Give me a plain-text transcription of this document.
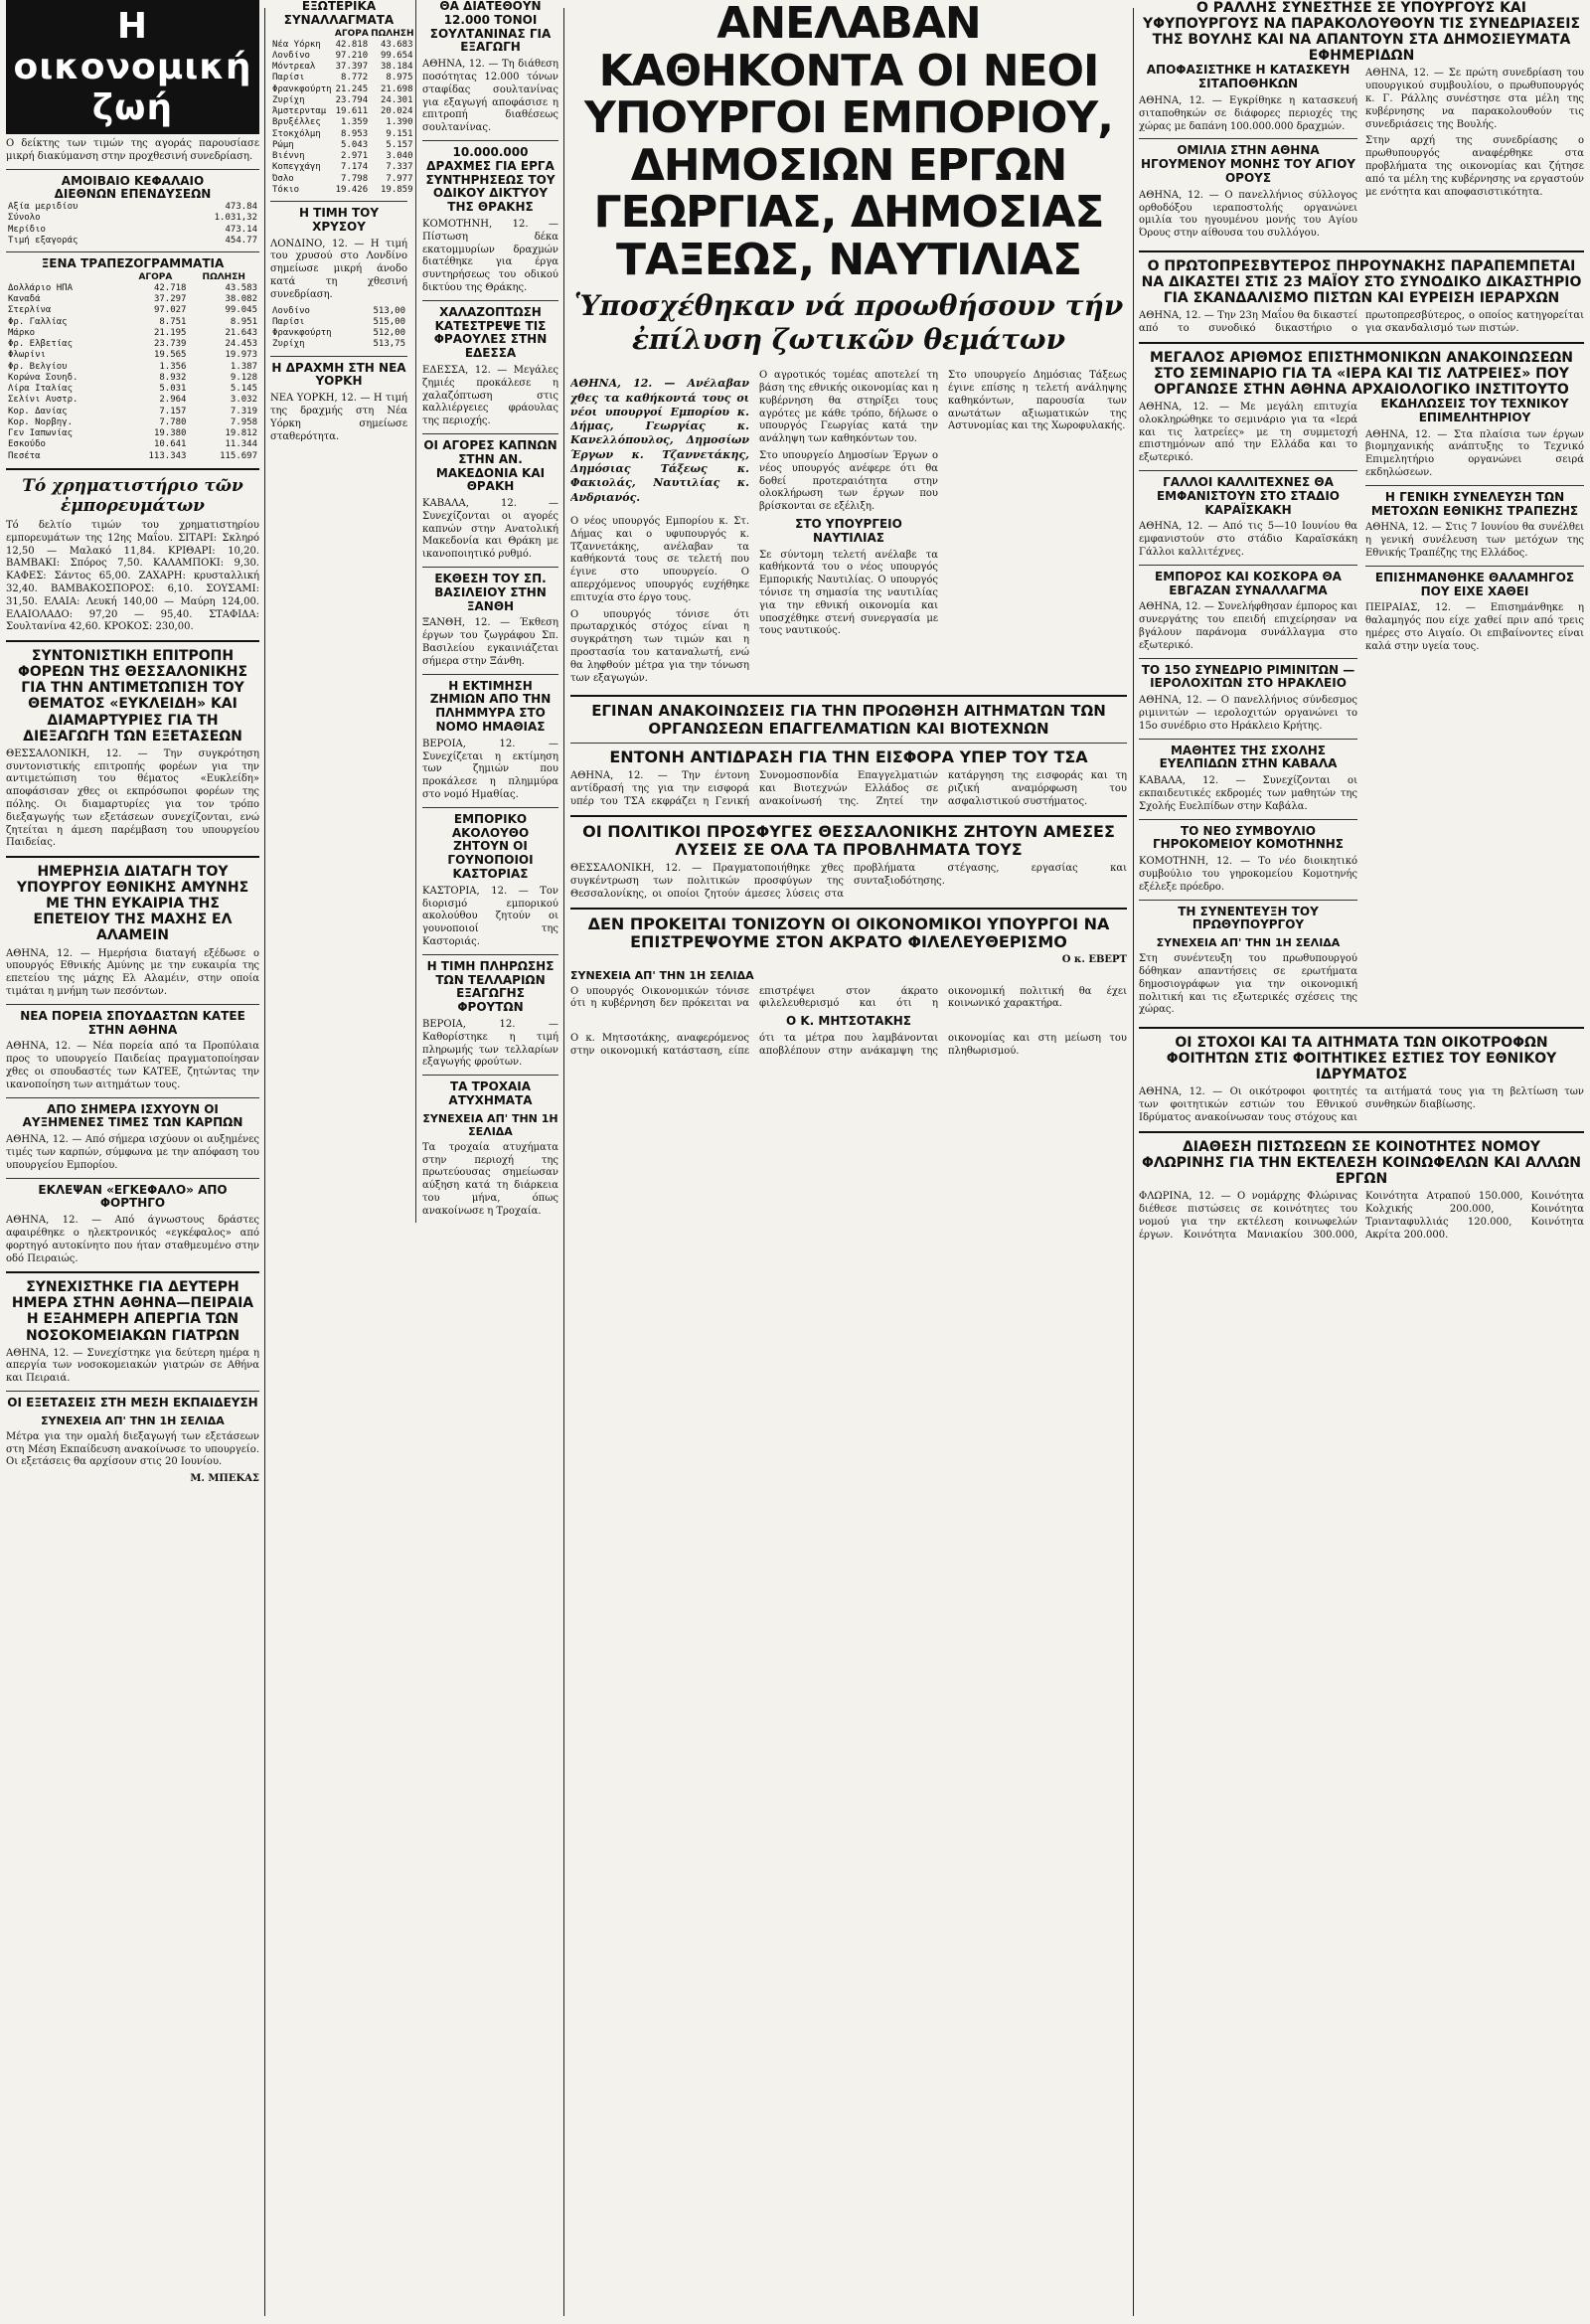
Η οικονομική ζωή

Ο δείκτης των τιμών της αγοράς παρουσίασε μικρή διακύμανση στην προχθεσινή συνεδρίαση.

ΑΜΟΙΒΑΙΟ ΚΕΦΑΛΑΙΟ
ΔΙΕΘΝΩΝ ΕΠΕΝΔΥΣΕΩΝ
Αξία μεριδίου	473.84
Σύνολο	1.031,32
Μερίδιο	473.14
Τιμή εξαγοράς	454.77
ΞΕΝΑ ΤΡΑΠΕΖΟΓΡΑΜΜΑΤΙΑ
	ΑΓΟΡΑ	ΠΩΛΗΣΗ
Δολλάριο ΗΠΑ	42.718	43.583
Καναδά	37.297	38.082
Στερλίνα	97.027	99.045
Φρ. Γαλλίας	8.751	8.951
Μάρκο	21.195	21.643
Φρ. Ελβετίας	23.739	24.453
Φλωρίνι	19.565	19.973
Φρ. Βελγίου	1.356	1.387
Κορώνα Σουηδ.	8.932	9.128
Λίρα Ιταλίας	5.031	5.145
Σελίνι Αυστρ.	2.964	3.032
Κορ. Δανίας	7.157	7.319
Κορ. Νορβηγ.	7.780	7.958
Γεν Ιαπωνίας	19.380	19.812
Εσκούδο	10.641	11.344
Πεσέτα	113.343	115.697
Τό χρηματιστήριο τῶν ἐμπορευμάτων

Τό δελτίο τιμών του χρηματιστηρίου εμπορευμάτων της 12ης Μαΐου. ΣΙΤΑΡΙ: Σκληρό 12,50 — Μαλακό 11,84. ΚΡΙΘΑΡΙ: 10,20. ΒΑΜΒΑΚΙ: Σπόρος 7,50. ΚΑΛΑΜΠΟΚΙ: 9,30. ΚΑΦΕΣ: Σάντος 65,00. ΖΑΧΑΡΗ: κρυσταλλική 32,40. ΒΑΜΒΑΚΟΣΠΟΡΟΣ: 6,10. ΣΟΥΣΑΜΙ: 31,50. ΕΛΑΙΑ: Λευκή 140,00 — Μαύρη 124,00. ΕΛΑΙΟΛΑΔΟ: 97,20 — 95,40. ΣΤΑΦΙΔΑ: Σουλτανίνα 42,60. ΚΡΟΚΟΣ: 230,00.

ΣΥΝΤΟΝΙΣΤΙΚΗ ΕΠΙΤΡΟΠΗ ΦΟΡΕΩΝ ΤΗΣ ΘΕΣΣΑΛΟΝΙΚΗΣ ΓΙΑ ΤΗΝ ΑΝΤΙΜΕΤΩΠΙΣΗ ΤΟΥ ΘΕΜΑΤΟΣ «ΕΥΚΛΕΙΔΗ» ΚΑΙ ΔΙΑΜΑΡΤΥΡΙΕΣ ΓΙΑ ΤΗ ΔΙΕΞΑΓΩΓΗ ΤΩΝ ΕΞΕΤΑΣΕΩΝ

ΘΕΣΣΑΛΟΝΙΚΗ, 12. — Την συγκρότηση συντονιστικής επιτροπής φορέων για την αντιμετώπιση του θέματος «Ευκλείδη» αποφάσισαν χθες οι εκπρόσωποι φορέων της πόλης. Οι διαμαρτυρίες για τον τρόπο διεξαγωγής των εξετάσεων συνεχίζονται, ενώ ζητείται η άμεση παρέμβαση του υπουργείου Παιδείας.

ΗΜΕΡΗΣΙΑ ΔΙΑΤΑΓΗ ΤΟΥ ΥΠΟΥΡΓΟΥ ΕΘΝΙΚΗΣ ΑΜΥΝΗΣ ΜΕ ΤΗΝ ΕΥΚΑΙΡΙΑ ΤΗΣ ΕΠΕΤΕΙΟΥ ΤΗΣ ΜΑΧΗΣ ΕΛ ΑΛΑΜΕΙΝ

ΑΘΗΝΑ, 12. — Ημερήσια διαταγή εξέδωσε ο υπουργός Εθνικής Αμύνης με την ευκαιρία της επετείου της μάχης Ελ Αλαμέιν, στην οποία τιμάται η μνήμη των πεσόντων.

ΝΕΑ ΠΟΡΕΙΑ ΣΠΟΥΔΑΣΤΩΝ ΚΑΤΕΕ ΣΤΗΝ ΑΘΗΝΑ

ΑΘΗΝΑ, 12. — Νέα πορεία από τα Προπύλαια προς το υπουργείο Παιδείας πραγματοποίησαν χθες οι σπουδαστές των ΚΑΤΕΕ, ζητώντας την ικανοποίηση των αιτημάτων τους.

ΑΠΟ ΣΗΜΕΡΑ ΙΣΧΥΟΥΝ ΟΙ ΑΥΞΗΜΕΝΕΣ ΤΙΜΕΣ ΤΩΝ ΚΑΡΠΩΝ

ΑΘΗΝΑ, 12. — Από σήμερα ισχύουν οι αυξημένες τιμές των καρπών, σύμφωνα με την απόφαση του υπουργείου Εμπορίου.

ΕΚΛΕΨΑΝ «ΕΓΚΕΦΑΛΟ» ΑΠΟ ΦΟΡΤΗΓΟ

ΑΘΗΝΑ, 12. — Από άγνωστους δράστες αφαιρέθηκε ο ηλεκτρονικός «εγκέφαλος» από φορτηγό αυτοκίνητο που ήταν σταθμευμένο στην οδό Πειραιώς.

ΣΥΝΕΧΙΣΤΗΚΕ ΓΙΑ ΔΕΥΤΕΡΗ ΗΜΕΡΑ ΣΤΗΝ ΑΘΗΝΑ—ΠΕΙΡΑΙΑ Η ΕΞΑΗΜΕΡΗ ΑΠΕΡΓΙΑ ΤΩΝ ΝΟΣΟΚΟΜΕΙΑΚΩΝ ΓΙΑΤΡΩΝ

ΑΘΗΝΑ, 12. — Συνεχίστηκε για δεύτερη ημέρα η απεργία των νοσοκομειακών γιατρών σε Αθήνα και Πειραιά.

ΟΙ ΕΞΕΤΑΣΕΙΣ ΣΤΗ ΜΕΣΗ ΕΚΠΑΙΔΕΥΣΗ
ΣΥΝΕΧΕΙΑ ΑΠ' ΤΗΝ 1Η ΣΕΛΙΔΑ

Μέτρα για την ομαλή διεξαγωγή των εξετάσεων στη Μέση Εκπαίδευση ανακοίνωσε το υπουργείο. Οι εξετάσεις θα αρχίσουν στις 20 Ιουνίου.

Μ. ΜΠΕΚΑΣ
ΕΞΩΤΕΡΙΚΑ ΣΥΝΑΛΛΑΓΜΑΤΑ
	ΑΓΟΡΑ	ΠΩΛΗΣΗ
Νέα Υόρκη	42.818	43.683
Λονδίνο	97.210	99.654
Μόντρεαλ	37.397	38.184
Παρίσι	8.772	8.975
Φρανκφούρτη	21.245	21.698
Ζυρίχη	23.794	24.301
Άμστερνταμ	19.611	20.024
Βρυξέλλες	1.359	1.390
Στοκχόλμη	8.953	9.151
Ρώμη	5.043	5.157
Βιέννη	2.971	3.040
Κοπεγχάγη	7.174	7.337
Όσλο	7.798	7.977
Τόκιο	19.426	19.859
Η ΤΙΜΗ ΤΟΥ ΧΡΥΣΟΥ

ΛΟΝΔΙΝΟ, 12. — Η τιμή του χρυσού στο Λονδίνο σημείωσε μικρή άνοδο κατά τη χθεσινή συνεδρίαση.

Λονδίνο	513,00
Παρίσι	515,00
Φρανκφούρτη	512,00
Ζυρίχη	513,75
Η ΔΡΑΧΜΗ ΣΤΗ ΝΕΑ ΥΟΡΚΗ

ΝΕΑ ΥΟΡΚΗ, 12. — Η τιμή της δραχμής στη Νέα Υόρκη σημείωσε σταθερότητα.

ΘΑ ΔΙΑΤΕΘΟΥΝ 12.000 ΤΟΝΟΙ ΣΟΥΛΤΑΝΙΝΑΣ ΓΙΑ ΕΞΑΓΩΓΗ

ΑΘΗΝΑ, 12. — Τη διάθεση ποσότητας 12.000 τόνων σταφίδας σουλτανίνας για εξαγωγή αποφάσισε η επιτροπή διαθέσεως σουλτανίνας.

10.000.000 ΔΡΑΧΜΕΣ ΓΙΑ ΕΡΓΑ ΣΥΝΤΗΡΗΣΕΩΣ ΤΟΥ ΟΔΙΚΟΥ ΔΙΚΤΥΟΥ ΤΗΣ ΘΡΑΚΗΣ

ΚΟΜΟΤΗΝΗ, 12. — Πίστωση δέκα εκατομμυρίων δραχμών διατέθηκε για έργα συντηρήσεως του οδικού δικτύου της Θράκης.

ΧΑΛΑΖΟΠΤΩΣΗ ΚΑΤΕΣΤΡΕΨΕ ΤΙΣ ΦΡΑΟΥΛΕΣ ΣΤΗΝ ΕΔΕΣΣΑ

ΕΔΕΣΣΑ, 12. — Μεγάλες ζημιές προκάλεσε η χαλαζόπτωση στις καλλιέργειες φράουλας της περιοχής.

ΟΙ ΑΓΟΡΕΣ ΚΑΠΝΩΝ ΣΤΗΝ ΑΝ. ΜΑΚΕΔΟΝΙΑ ΚΑΙ ΘΡΑΚΗ

ΚΑΒΑΛΑ, 12. — Συνεχίζονται οι αγορές καπνών στην Ανατολική Μακεδονία και Θράκη με ικανοποιητικό ρυθμό.

ΕΚΘΕΣΗ ΤΟΥ ΣΠ. ΒΑΣΙΛΕΙΟΥ ΣΤΗΝ ΞΑΝΘΗ

ΞΑΝΘΗ, 12. — Έκθεση έργων του ζωγράφου Σπ. Βασιλείου εγκαινιάζεται σήμερα στην Ξάνθη.

Η ΕΚΤΙΜΗΣΗ ΖΗΜΙΩΝ ΑΠΟ ΤΗΝ ΠΛΗΜΜΥΡΑ ΣΤΟ ΝΟΜΟ ΗΜΑΘΙΑΣ

ΒΕΡΟΙΑ, 12. — Συνεχίζεται η εκτίμηση των ζημιών που προκάλεσε η πλημμύρα στο νομό Ημαθίας.

ΕΜΠΟΡΙΚΟ ΑΚΟΛΟΥΘΟ ΖΗΤΟΥΝ ΟΙ ΓΟΥΝΟΠΟΙΟΙ ΚΑΣΤΟΡΙΑΣ

ΚΑΣΤΟΡΙΑ, 12. — Τον διορισμό εμπορικού ακολούθου ζητούν οι γουνοποιοί της Καστοριάς.

Η ΤΙΜΗ ΠΛΗΡΩΣΗΣ ΤΩΝ ΤΕΛΛΑΡΙΩΝ ΕΞΑΓΩΓΗΣ ΦΡΟΥΤΩΝ

ΒΕΡΟΙΑ, 12. — Καθορίστηκε η τιμή πληρωμής των τελλαρίων εξαγωγής φρούτων.

ΤΑ ΤΡΟΧΑΙΑ ΑΤΥΧΗΜΑΤΑ
ΣΥΝΕΧΕΙΑ ΑΠ' ΤΗΝ 1Η ΣΕΛΙΔΑ

Τα τροχαία ατυχήματα στην περιοχή της πρωτεύουσας σημείωσαν αύξηση κατά τη διάρκεια του μήνα, όπως ανακοίνωσε η Τροχαία.

ΑΝΕΛΑΒΑΝ ΚΑΘΗΚΟΝΤΑ ΟΙ ΝΕΟΙ ΥΠΟΥΡΓΟΙ ΕΜΠΟΡΙΟΥ, ΔΗΜΟΣΙΩΝ ΕΡΓΩΝ ΓΕΩΡΓΙΑΣ, ΔΗΜΟΣΙΑΣ ΤΑΞΕΩΣ, ΝΑΥΤΙΛΙΑΣ
Ὑποσχέθηκαν νά προωθήσουν τήν ἐπίλυση ζωτικῶν θεμάτων

ΑΘΗΝΑ, 12. — Ανέλαβαν χθες τα καθήκοντά τους οι νέοι υπουργοί Εμπορίου κ. Δήμας, Γεωργίας κ. Κανελλόπουλος, Δημοσίων Έργων κ. Τζαννετάκης, Δημόσιας Τάξεως κ. Φακιολάς, Ναυτιλίας κ. Ανδριανός.

Ο νέος υπουργός Εμπορίου κ. Στ. Δήμας και ο υφυπουργός κ. Τζαννετάκης, ανέλαβαν τα καθήκοντά τους σε τελετή που έγινε στο υπουργείο. Ο απερχόμενος υπουργός ευχήθηκε επιτυχία στο έργο τους.

Ο υπουργός τόνισε ότι πρωταρχικός στόχος είναι η συγκράτηση των τιμών και η προστασία του καταναλωτή, ενώ θα ληφθούν μέτρα για την τόνωση των εξαγωγών.

Ο αγροτικός τομέας αποτελεί τη βάση της εθνικής οικονομίας και η κυβέρνηση θα στηρίξει τους αγρότες με κάθε τρόπο, δήλωσε ο υπουργός Γεωργίας κατά την ανάληψη των καθηκόντων του.

Στο υπουργείο Δημοσίων Έργων ο νέος υπουργός ανέφερε ότι θα δοθεί προτεραιότητα στην ολοκλήρωση των έργων που βρίσκονται σε εξέλιξη.

ΣΤΟ ΥΠΟΥΡΓΕΙΟ ΝΑΥΤΙΛΙΑΣ

Σε σύντομη τελετή ανέλαβε τα καθήκοντά του ο νέος υπουργός Εμπορικής Ναυτιλίας. Ο υπουργός τόνισε τη σημασία της ναυτιλίας για την εθνική οικονομία και υποσχέθηκε στενή συνεργασία με τους ναυτικούς.

Στο υπουργείο Δημόσιας Τάξεως έγινε επίσης η τελετή ανάληψης καθηκόντων, παρουσία των ανωτάτων αξιωματικών της Αστυνομίας και της Χωροφυλακής.

ΕΓΙΝΑΝ ΑΝΑΚΟΙΝΩΣΕΙΣ ΓΙΑ ΤΗΝ ΠΡΟΩΘΗΣΗ ΑΙΤΗΜΑΤΩΝ ΤΩΝ ΟΡΓΑΝΩΣΕΩΝ ΕΠΑΓΓΕΛΜΑΤΙΩΝ ΚΑΙ ΒΙΟΤΕΧΝΩΝ
ΕΝΤΟΝΗ ΑΝΤΙΔΡΑΣΗ ΓΙΑ ΤΗΝ ΕΙΣΦΟΡΑ ΥΠΕΡ ΤΟΥ ΤΣΑ

ΑΘΗΝΑ, 12. — Την έντονη αντίδρασή της για την εισφορά υπέρ του ΤΣΑ εκφράζει η Γενική Συνομοσπονδία Επαγγελματιών και Βιοτεχνών Ελλάδος σε ανακοίνωσή της. Ζητεί την κατάργηση της εισφοράς και τη ριζική αναμόρφωση του ασφαλιστικού συστήματος.

ΟΙ ΠΟΛΙΤΙΚΟΙ ΠΡΟΣΦΥΓΕΣ ΘΕΣΣΑΛΟΝΙΚΗΣ ΖΗΤΟΥΝ ΑΜΕΣΕΣ ΛΥΣΕΙΣ ΣΕ ΟΛΑ ΤΑ ΠΡΟΒΛΗΜΑΤΑ ΤΟΥΣ

ΘΕΣΣΑΛΟΝΙΚΗ, 12. — Πραγματοποιήθηκε χθες συγκέντρωση των πολιτικών προσφύγων της Θεσσαλονίκης, οι οποίοι ζητούν άμεσες λύσεις στα προβλήματα στέγασης, εργασίας και συνταξιοδότησης.

ΔΕΝ ΠΡΟΚΕΙΤΑΙ ΤΟΝΙΖΟΥΝ ΟΙ ΟΙΚΟΝΟΜΙΚΟΙ ΥΠΟΥΡΓΟΙ ΝΑ ΕΠΙΣΤΡΕΨΟΥΜΕ ΣΤΟΝ ΑΚΡΑΤΟ ΦΙΛΕΛΕΥΘΕΡΙΣΜΟ
Ο κ. ΕΒΕΡΤ
ΣΥΝΕΧΕΙΑ ΑΠ' ΤΗΝ 1Η ΣΕΛΙΔΑ

Ο υπουργός Οικονομικών τόνισε ότι η κυβέρνηση δεν πρόκειται να επιστρέψει στον άκρατο φιλελευθερισμό και ότι η οικονομική πολιτική θα έχει κοινωνικό χαρακτήρα.

Ο Κ. ΜΗΤΣΟΤΑΚΗΣ

Ο κ. Μητσοτάκης, αναφερόμενος στην οικονομική κατάσταση, είπε ότι τα μέτρα που λαμβάνονται αποβλέπουν στην ανάκαμψη της οικονομίας και στη μείωση του πληθωρισμού.

Ο ΡΑΛΛΗΣ ΣΥΝΕΣΤΗΣΕ ΣΕ ΥΠΟΥΡΓΟΥΣ ΚΑΙ ΥΦΥΠΟΥΡΓΟΥΣ ΝΑ ΠΑΡΑΚΟΛΟΥΘΟΥΝ ΤΙΣ ΣΥΝΕΔΡΙΑΣΕΙΣ ΤΗΣ ΒΟΥΛΗΣ ΚΑΙ ΝΑ ΑΠΑΝΤΟΥΝ ΣΤΑ ΔΗΜΟΣΙΕΥΜΑΤΑ ΕΦΗΜΕΡΙΔΩΝ
ΑΠΟΦΑΣΙΣΤΗΚΕ Η ΚΑΤΑΣΚΕΥΗ ΣΙΤΑΠΟΘΗΚΩΝ

ΑΘΗΝΑ, 12. — Εγκρίθηκε η κατασκευή σιταποθηκών σε διάφορες περιοχές της χώρας με δαπάνη 100.000.000 δραχμών.

ΟΜΙΛΙΑ ΣΤΗΝ ΑΘΗΝΑ ΗΓΟΥΜΕΝΟΥ ΜΟΝΗΣ ΤΟΥ ΑΓΙΟΥ ΟΡΟΥΣ

ΑΘΗΝΑ, 12. — Ο πανελλήνιος σύλλογος ορθοδόξου ιεραποστολής οργανώνει ομιλία του ηγουμένου μονής του Αγίου Όρους στην αίθουσα του συλλόγου.

ΑΘΗΝΑ, 12. — Σε πρώτη συνεδρίαση του υπουργικού συμβουλίου, ο πρωθυπουργός κ. Γ. Ράλλης συνέστησε στα μέλη της κυβέρνησης να παρακολουθούν τις συνεδριάσεις της Βουλής.

Στην αρχή της συνεδρίασης ο πρωθυπουργός αναφέρθηκε στα προβλήματα της οικονομίας και ζήτησε από τα μέλη της κυβέρνησης να εργαστούν με ενότητα και αποφασιστικότητα.

Ο ΠΡΩΤΟΠΡΕΣΒΥΤΕΡΟΣ ΠΗΡΟΥΝΑΚΗΣ ΠΑΡΑΠΕΜΠΕΤΑΙ ΝΑ ΔΙΚΑΣΤΕΙ ΣΤΙΣ 23 ΜΑΪΟΥ ΣΤΟ ΣΥΝΟΔΙΚΟ ΔΙΚΑΣΤΗΡΙΟ ΓΙΑ ΣΚΑΝΔΑΛΙΣΜΟ ΠΙΣΤΩΝ ΚΑΙ ΕΥΡΕΙΣΗ ΙΕΡΑΡΧΩΝ

ΑΘΗΝΑ, 12. — Την 23η Μαΐου θα δικαστεί από το συνοδικό δικαστήριο ο πρωτοπρεσβύτερος, ο οποίος κατηγορείται για σκανδαλισμό των πιστών.

ΜΕΓΑΛΟΣ ΑΡΙΘΜΟΣ ΕΠΙΣΤΗΜΟΝΙΚΩΝ ΑΝΑΚΟΙΝΩΣΕΩΝ ΣΤΟ ΣΕΜΙΝΑΡΙΟ ΓΙΑ ΤΑ «ΙΕΡΑ ΚΑΙ ΤΙΣ ΛΑΤΡΕΙΕΣ» ΠΟΥ ΟΡΓΑΝΩΣΕ ΣΤΗΝ ΑΘΗΝΑ ΑΡΧΑΙΟΛΟΓΙΚΟ ΙΝΣΤΙΤΟΥΤΟ

ΑΘΗΝΑ, 12. — Με μεγάλη επιτυχία ολοκληρώθηκε το σεμινάριο για τα «Ιερά και τις λατρείες» με τη συμμετοχή επιστημόνων από την Ελλάδα και το εξωτερικό.

ΓΑΛΛΟΙ ΚΑΛΛΙΤΕΧΝΕΣ ΘΑ ΕΜΦΑΝΙΣΤΟΥΝ ΣΤΟ ΣΤΑΔΙΟ ΚΑΡΑΪΣΚΑΚΗ

ΑΘΗΝΑ, 12. — Από τις 5—10 Ιουνίου θα εμφανιστούν στο στάδιο Καραϊσκάκη Γάλλοι καλλιτέχνες.

ΕΜΠΟΡΟΣ ΚΑΙ ΚΟΣΚΟΡΑ ΘΑ ΕΒΓΑΖΑΝ ΣΥΝΑΛΛΑΓΜΑ

ΑΘΗΝΑ, 12. — Συνελήφθησαν έμπορος και συνεργάτης του επειδή επιχείρησαν να βγάλουν παράνομα συνάλλαγμα στο εξωτερικό.

ΤΟ 15Ο ΣΥΝΕΔΡΙΟ ΡΙΜΙΝΙΤΩΝ — ΙΕΡΟΛΟΧΙΤΩΝ ΣΤΟ ΗΡΑΚΛΕΙΟ

ΑΘΗΝΑ, 12. — Ο πανελλήνιος σύνδεσμος ριμινιτών — ιερολοχιτών οργανώνει το 15ο συνέδριο στο Ηράκλειο Κρήτης.

ΜΑΘΗΤΕΣ ΤΗΣ ΣΧΟΛΗΣ ΕΥΕΛΠΙΔΩΝ ΣΤΗΝ ΚΑΒΑΛΑ

ΚΑΒΑΛΑ, 12. — Συνεχίζονται οι εκπαιδευτικές εκδρομές των μαθητών της Σχολής Ευελπίδων στην Καβάλα.

ΤΟ ΝΕΟ ΣΥΜΒΟΥΛΙΟ ΓΗΡΟΚΟΜΕΙΟΥ ΚΟΜΟΤΗΝΗΣ

ΚΟΜΟΤΗΝΗ, 12. — Το νέο διοικητικό συμβούλιο του γηροκομείου Κομοτηνής εξέλεξε πρόεδρο.

ΤΗ ΣΥΝΕΝΤΕΥΞΗ ΤΟΥ ΠΡΩΘΥΠΟΥΡΓΟΥ
ΣΥΝΕΧΕΙΑ ΑΠ' ΤΗΝ 1Η ΣΕΛΙΔΑ

Στη συνέντευξη του πρωθυπουργού δόθηκαν απαντήσεις σε ερωτήματα δημοσιογράφων για την οικονομική πολιτική και τις εξωτερικές σχέσεις της χώρας.

ΕΚΔΗΛΩΣΕΙΣ ΤΟΥ ΤΕΧΝΙΚΟΥ ΕΠΙΜΕΛΗΤΗΡΙΟΥ

ΑΘΗΝΑ, 12. — Στα πλαίσια των έργων βιομηχανικής ανάπτυξης το Τεχνικό Επιμελητήριο οργανώνει σειρά εκδηλώσεων.

Η ΓΕΝΙΚΗ ΣΥΝΕΛΕΥΣΗ ΤΩΝ ΜΕΤΟΧΩΝ ΕΘΝΙΚΗΣ ΤΡΑΠΕΖΗΣ

ΑΘΗΝΑ, 12. — Στις 7 Ιουνίου θα συνέλθει η γενική συνέλευση των μετόχων της Εθνικής Τραπέζης της Ελλάδος.

ΕΠΙΣΗΜΑΝΘΗΚΕ ΘΑΛΑΜΗΓΟΣ ΠΟΥ ΕΙΧΕ ΧΑΘΕΙ

ΠΕΙΡΑΙΑΣ, 12. — Επισημάνθηκε η θαλαμηγός που είχε χαθεί πριν από τρεις ημέρες στο Αιγαίο. Οι επιβαίνοντες είναι καλά στην υγεία τους.

ΟΙ ΣΤΟΧΟΙ ΚΑΙ ΤΑ ΑΙΤΗΜΑΤΑ ΤΩΝ ΟΙΚΟΤΡΟΦΩΝ ΦΟΙΤΗΤΩΝ ΣΤΙΣ ΦΟΙΤΗΤΙΚΕΣ ΕΣΤΙΕΣ ΤΟΥ ΕΘΝΙΚΟΥ ΙΔΡΥΜΑΤΟΣ

ΑΘΗΝΑ, 12. — Οι οικότροφοι φοιτητές των φοιτητικών εστιών του Εθνικού Ιδρύματος ανακοίνωσαν τους στόχους και τα αιτήματά τους για τη βελτίωση των συνθηκών διαβίωσης.

ΔΙΑΘΕΣΗ ΠΙΣΤΩΣΕΩΝ ΣΕ ΚΟΙΝΟΤΗΤΕΣ ΝΟΜΟΥ ΦΛΩΡΙΝΗΣ ΓΙΑ ΤΗΝ ΕΚΤΕΛΕΣΗ ΚΟΙΝΩΦΕΛΩΝ ΚΑΙ ΑΛΛΩΝ ΕΡΓΩΝ

ΦΛΩΡΙΝΑ, 12. — Ο νομάρχης Φλώρινας διέθεσε πιστώσεις σε κοινότητες του νομού για την εκτέλεση κοινωφελών έργων. Κοινότητα Μανιακίου 300.000, Κοινότητα Ατραπού 150.000, Κοινότητα Κολχικής 200.000, Κοινότητα Τριανταφυλλιάς 120.000, Κοινότητα Ακρίτα 200.000.
